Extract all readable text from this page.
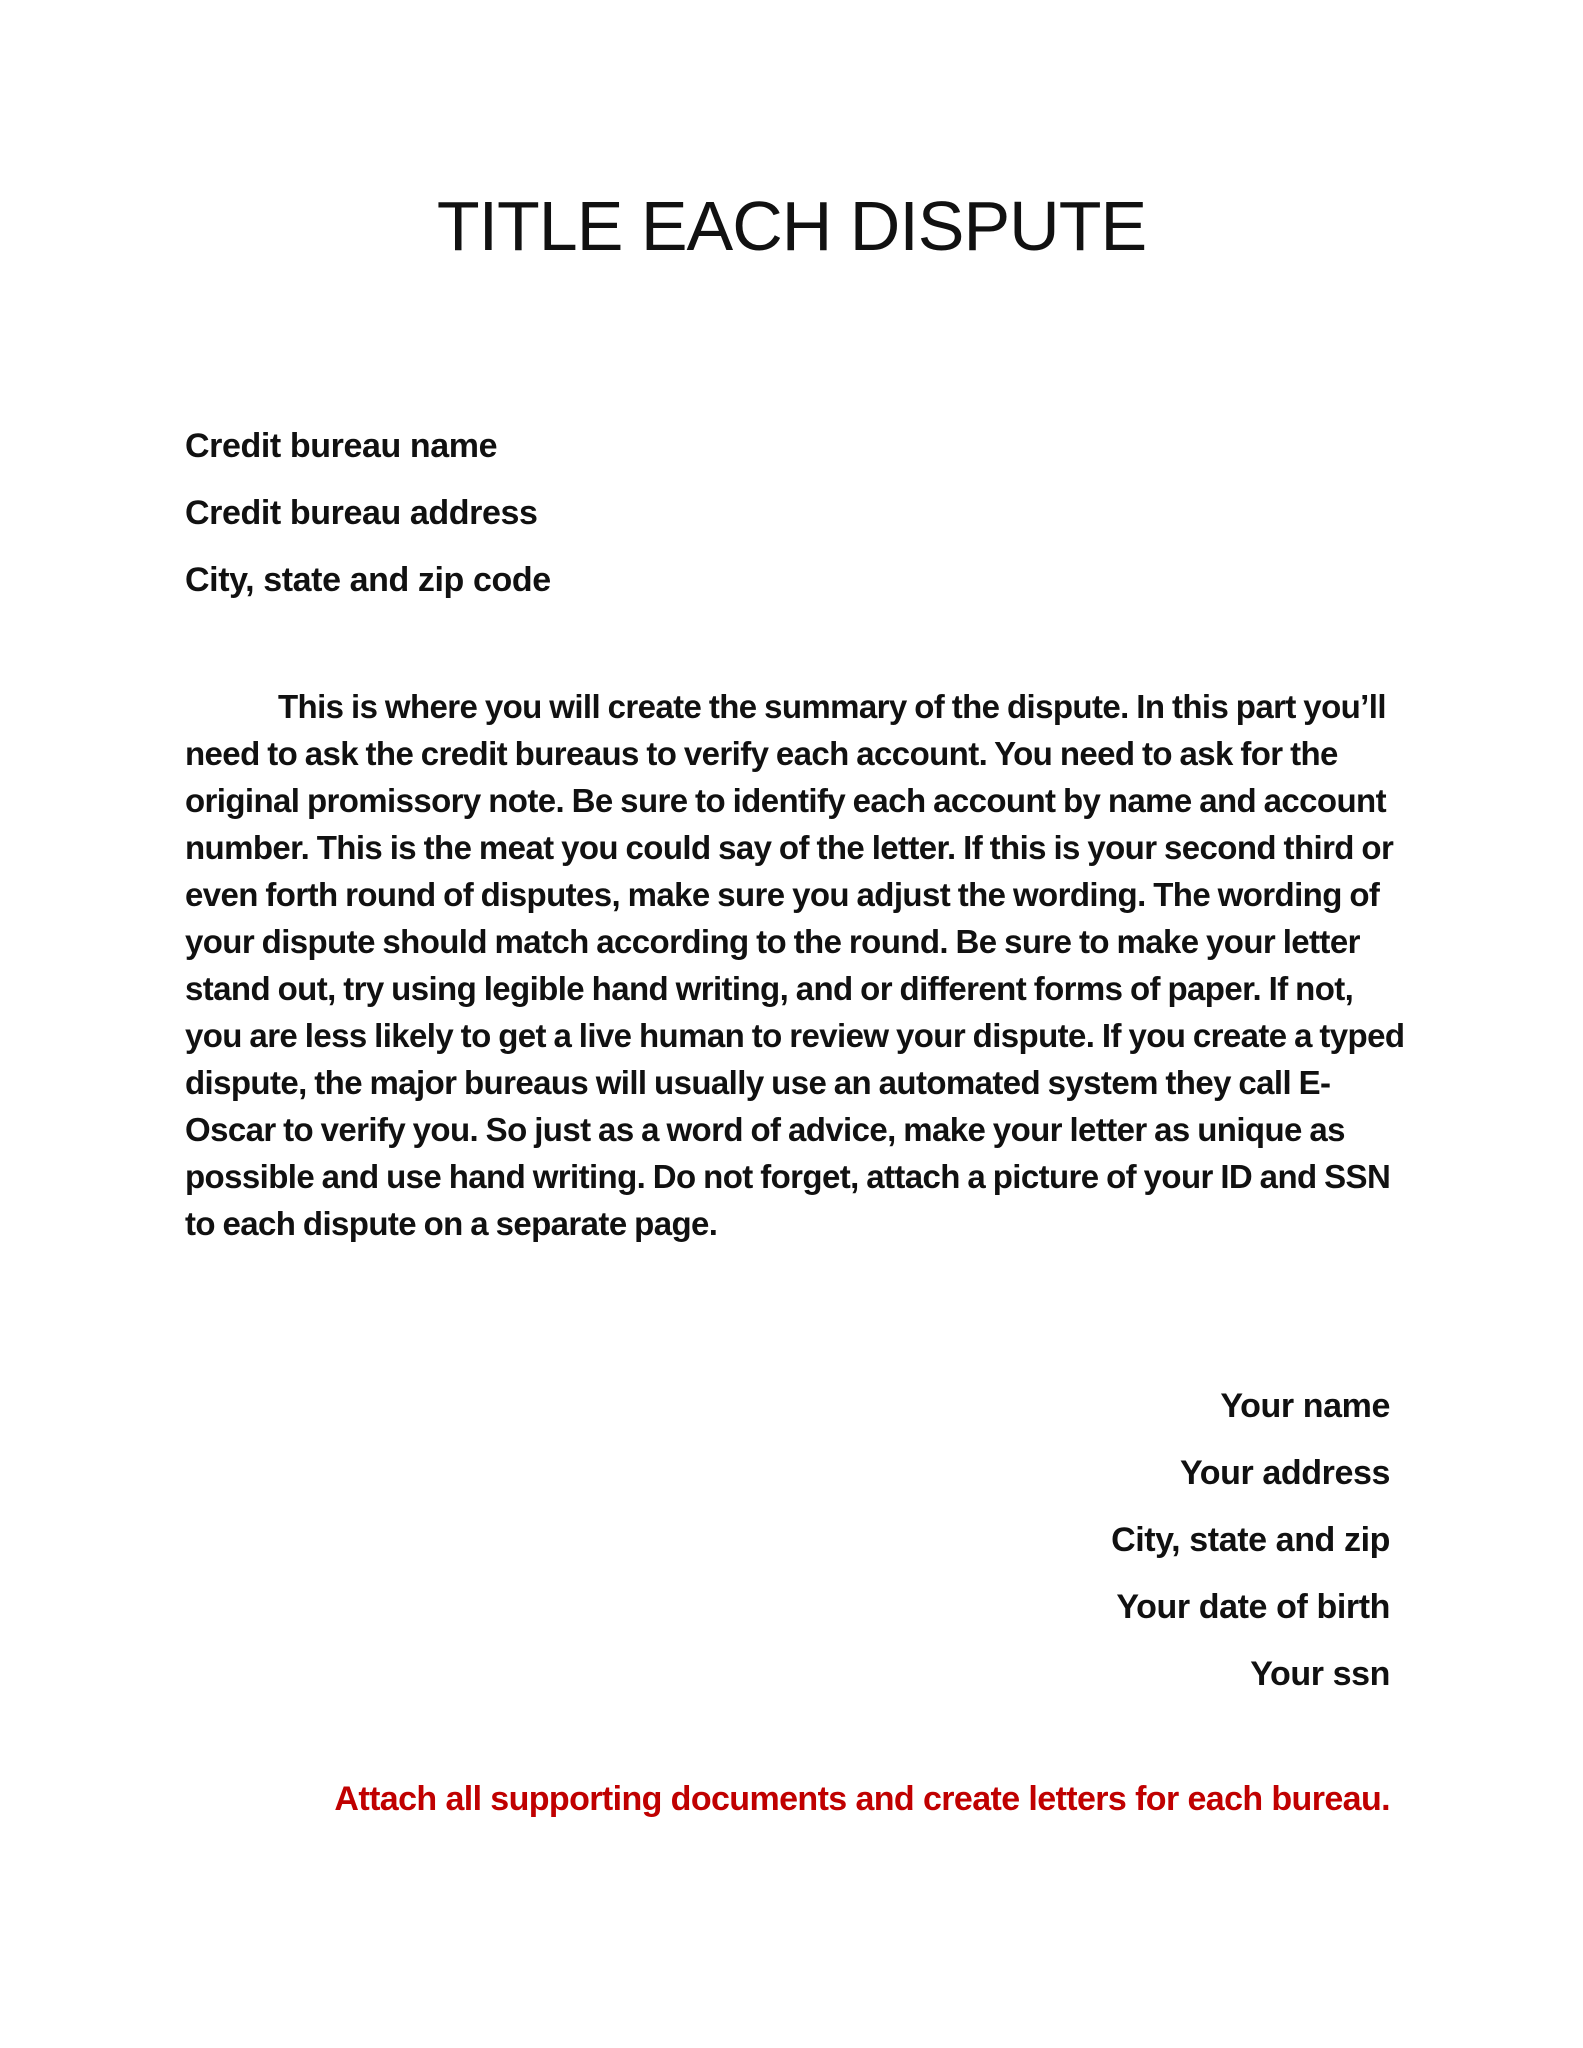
TITLE EACH DISPUTE
Credit bureau name
Credit bureau address
City, state and zip code

This is where you will create the summary of the dispute. In this part you’ll need to ask the credit bureaus to verify each account. You need to ask for the original promissory note. Be sure to identify each account by name and account number. This is the meat you could say of the letter. If this is your second third or even forth round of disputes, make sure you adjust the wording. The wording of your dispute should match according to the round. Be sure to make your letter stand out, try using legible hand writing, and or different forms of paper. If not, you are less likely to get a live human to review your dispute. If you create a typed dispute, the major bureaus will usually use an automated system they call E-Oscar to verify you. So just as a word of advice, make your letter as unique as possible and use hand writing. Do not forget, attach a picture of your ID and SSN to each dispute on a separate page.

Your name
Your address
City, state and zip
Your date of birth
Your ssn
Attach all supporting documents and create letters for each bureau.
